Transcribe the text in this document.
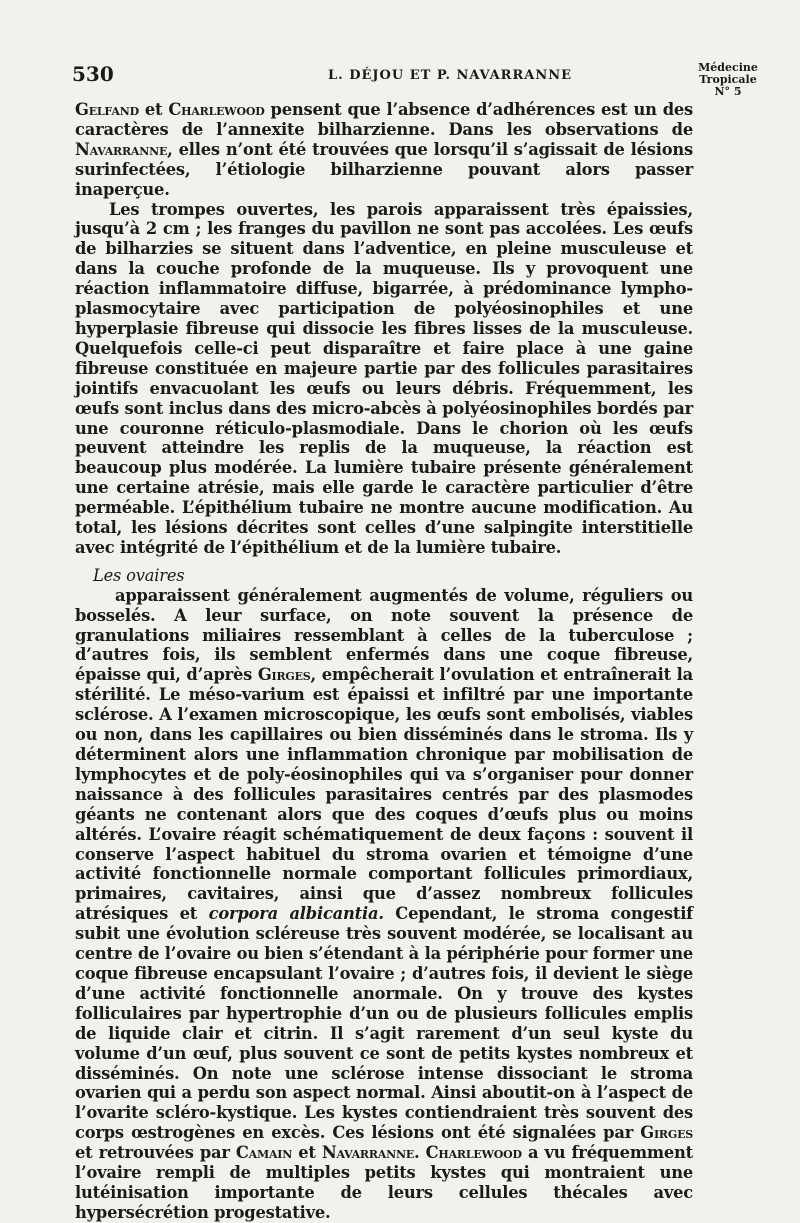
530	L. DÉJOU ET P. NAVARRANNE
Médecine
Tropicale
N° 5

Gelfand et Charlewood pensent que l’absence d’adhérences est un des caractères de l’annexite bilharzienne. Dans les observations de Navarranne, elles n’ont été trouvées que lorsqu’il s’agissait de lésions surinfectées, l’étiologie bilharzienne pouvant alors passer inaperçue.

Les trompes ouvertes, les parois apparaissent très épaissies, jusqu’à 2 cm ; les franges du pavillon ne sont pas accolées. Les œufs de bilharzies se situent dans l’adventice, en pleine musculeuse et dans la couche profonde de la muqueuse. Ils y provoquent une réaction inflammatoire diffuse, bigarrée, à prédominance lympho-plasmocytaire avec participation de polyéosinophiles et une hyperplasie fibreuse qui dissocie les fibres lisses de la musculeuse. Quelquefois celle-ci peut disparaître et faire place à une gaine fibreuse constituée en majeure partie par des follicules parasitaires jointifs envacuolant les œufs ou leurs débris. Fréquemment, les œufs sont inclus dans des micro-abcès à polyéosinophiles bordés par une couronne réticulo-plasmodiale. Dans le chorion où les œufs peuvent atteindre les replis de la muqueuse, la réaction est beaucoup plus modérée. La lumière tubaire présente généralement une certaine atrésie, mais elle garde le caractère particulier d’être perméable. L’épithélium tubaire ne montre aucune modification. Au total, les lésions décrites sont celles d’une salpingite interstitielle avec intégrité de l’épithélium et de la lumière tubaire.

Les ovaires

apparaissent généralement augmentés de volume, réguliers ou bosselés. A leur surface, on note souvent la présence de granulations miliaires ressemblant à celles de la tuberculose ; d’autres fois, ils semblent enfermés dans une coque fibreuse, épaisse qui, d’après Girges, empêcherait l’ovulation et entraînerait la stérilité. Le méso-varium est épaissi et infiltré par une importante sclérose. A l’examen microscopique, les œufs sont embolisés, viables ou non, dans les capillaires ou bien disséminés dans le stroma. Ils y déterminent alors une inflammation chronique par mobilisation de lymphocytes et de poly-éosinophiles qui va s’organiser pour donner naissance à des follicules parasitaires centrés par des plasmodes géants ne contenant alors que des coques d’œufs plus ou moins altérés. L’ovaire réagit schématiquement de deux façons : souvent il conserve l’aspect habituel du stroma ovarien et témoigne d’une activité fonctionnelle normale comportant follicules primordiaux, primaires, cavitaires, ainsi que d’assez nombreux follicules atrésiques et corpora albicantia. Cependant, le stroma congestif subit une évolution scléreuse très souvent modérée, se localisant au centre de l’ovaire ou bien s’étendant à la périphérie pour former une coque fibreuse encapsulant l’ovaire ; d’autres fois, il devient le siège d’une activité fonctionnelle anormale. On y trouve des kystes folliculaires par hypertrophie d’un ou de plusieurs follicules emplis de liquide clair et citrin. Il s’agit rarement d’un seul kyste du volume d’un œuf, plus souvent ce sont de petits kystes nombreux et disséminés. On note une sclérose intense dissociant le stroma ovarien qui a perdu son aspect normal. Ainsi aboutit-on à l’aspect de l’ovarite scléro-kystique. Les kystes contiendraient très souvent des corps œstrogènes en excès. Ces lésions ont été signalées par Girges et retrouvées par Camain et Navarranne. Charlewood a vu fréquemment l’ovaire rempli de multiples petits kystes qui montraient une lutéinisation importante de leurs cellules thécales avec hypersécrétion progestative.
